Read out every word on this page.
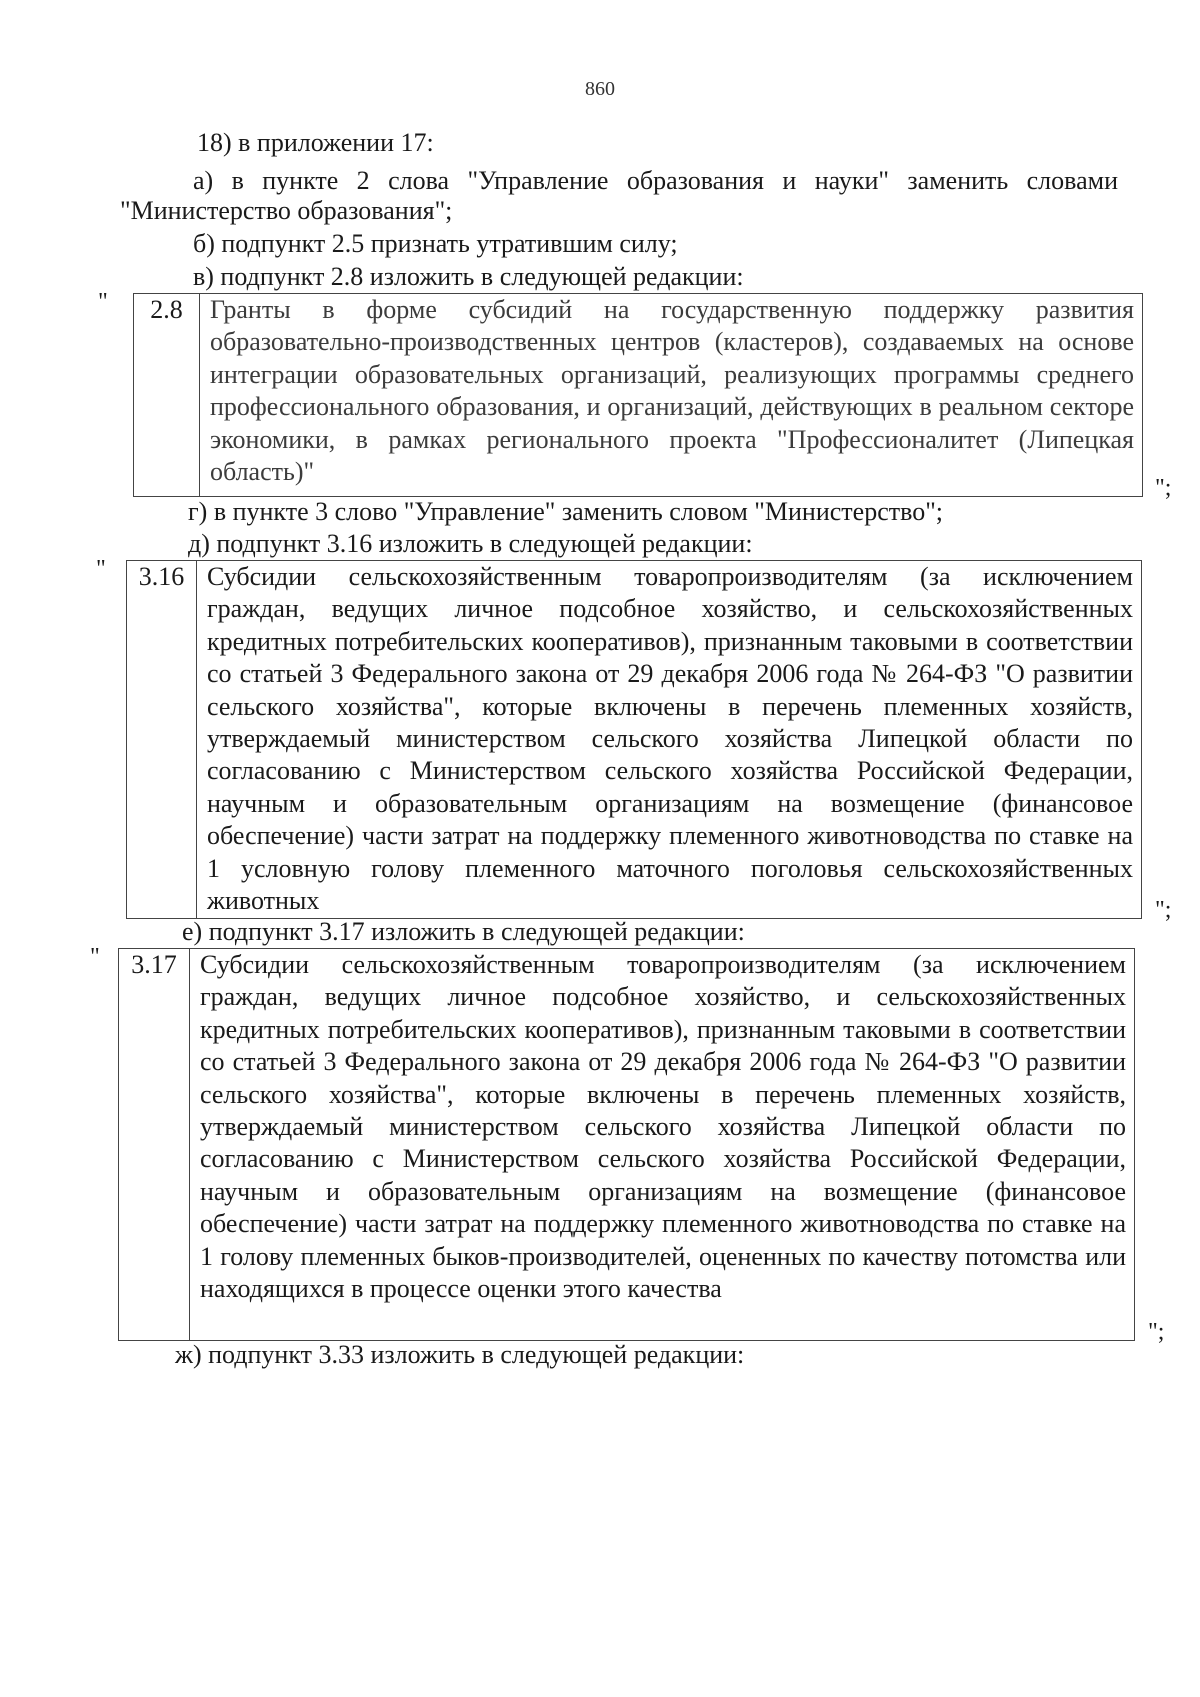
860
18) в приложении 17:
а) в пункте 2 слова "Управление образования и науки" заменить словами
"Министерство образования";
б) подпункт 2.5 признать утратившим силу;
в) подпункт 2.8 изложить в следующей редакции:
"	2.8	Гранты в форме субсидий на государственную поддержку развития образовательно-производственных центров (кластеров), создаваемых на основе интеграции образовательных организаций, реализующих программы среднего профессионального образования, и организаций, действующих в реальном секторе экономики, в рамках регионального проекта "Профессионалитет (Липецкая область)"
";
г) в пункте 3 слово "Управление" заменить словом "Министерство";
д) подпункт 3.16 изложить в следующей редакции:
"	3.16 Субсидии сельскохозяйственным товаропроизводителям (за исключением граждан, ведущих личное подсобное хозяйство, и сельскохозяйственных кредитных потребительских кооперативов), признанным таковыми в соответствии со статьей 3 Федерального закона от 29 декабря 2006 года № 264-ФЗ "О развитии сельского хозяйства", которые включены в перечень племенных хозяйств, утверждаемый министерством сельского хозяйства Липецкой области по согласованию с Министерством сельского хозяйства Российской Федерации, научным и образовательным организациям на возмещение (финансовое обеспечение) части затрат на поддержку племенного животноводства по ставке на 1 условную голову племенного маточного поголовья сельскохозяйственных животных	";
е) подпункт 3.17 изложить в следующей редакции:
"	3.17 Субсидии сельскохозяйственным товаропроизводителям (за исключением граждан, ведущих личное подсобное хозяйство, и сельскохозяйственных кредитных потребительских кооперативов), признанным таковыми в соответствии со статьей 3 Федерального закона от 29 декабря 2006 года № 264-ФЗ "О развитии сельского хозяйства", которые включены в перечень племенных хозяйств, утверждаемый министерством сельского хозяйства Липецкой области по согласованию с Министерством сельского хозяйства Российской Федерации, научным и образовательным организациям на возмещение (финансовое обеспечение) части затрат на поддержку племенного животноводства по ставке на 1 голову племенных быков-производителей, оцененных по качеству потомства или находящихся в процессе оценки этого качества
";
ж) подпункт 3.33 изложить в следующей редакции:
